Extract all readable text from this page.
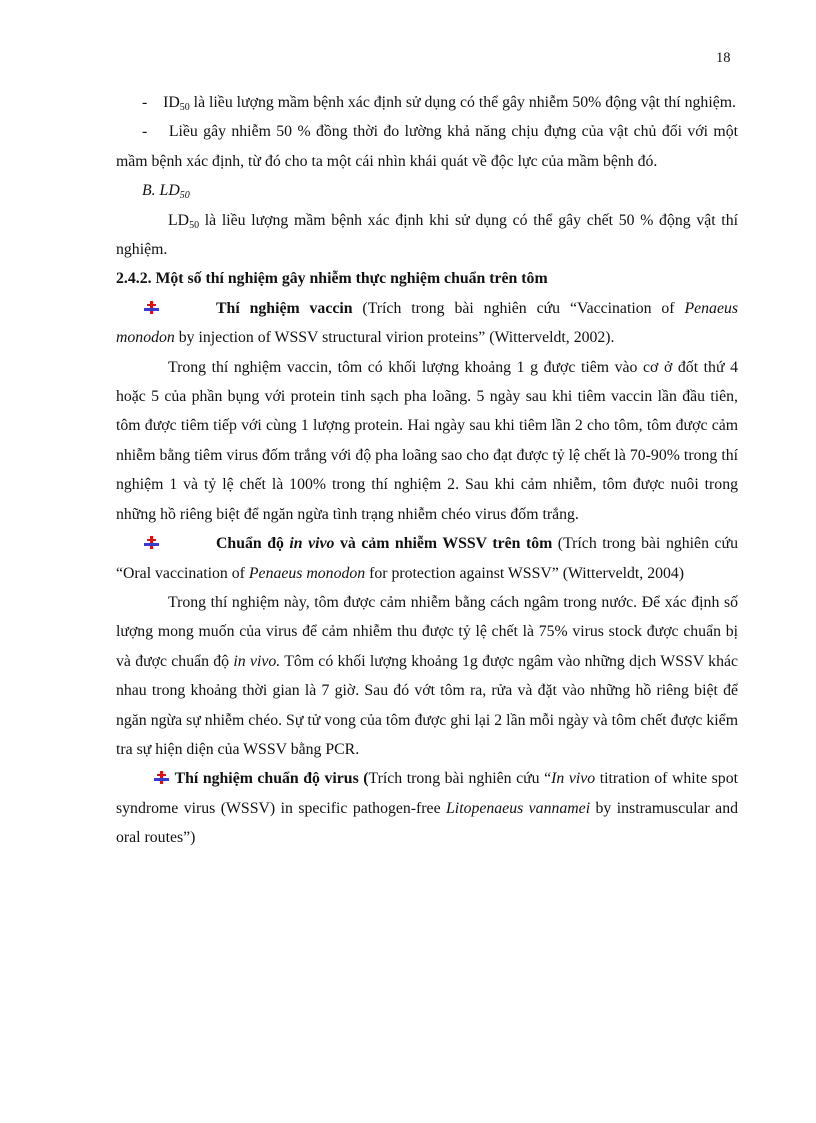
18

- $ID_{50}$ là liều lượng mầm bệnh xác định sử dụng có thể gây nhiễm 50% động vật thí nghiệm.

- Liều gây nhiễm 50 % đồng thời đo lường khả năng chịu đựng của vật chủ đối với một mầm bệnh xác định, từ đó cho ta một cái nhìn khái quát về độc lực của mầm bệnh đó.

B. $LD_{50}$

$LD_{50}$ là liều lượng mầm bệnh xác định khi sử dụng có thể gây chết 50 % động vật thí nghiệm.

2.4.2. Một số thí nghiệm gây nhiễm thực nghiệm chuẩn trên tôm

Thí nghiệm vaccin (Trích trong bài nghiên cứu “Vaccination of Penaeus monodon by injection of WSSV structural virion proteins” (Witterveldt, 2002).

Trong thí nghiệm vaccin, tôm có khối lượng khoảng 1 g được tiêm vào cơ ở đốt thứ 4 hoặc 5 của phần bụng với protein tinh sạch pha loãng. 5 ngày sau khi tiêm vaccin lần đầu tiên, tôm được tiêm tiếp với cùng 1 lượng protein. Hai ngày sau khi tiêm lần 2 cho tôm, tôm được cảm nhiễm bằng tiêm virus đốm trắng với độ pha loãng sao cho đạt được tỷ lệ chết là 70-90% trong thí nghiệm 1 và tỷ lệ chết là 100% trong thí nghiệm 2. Sau khi cảm nhiễm, tôm được nuôi trong những hồ riêng biệt để ngăn ngừa tình trạng nhiễm chéo virus đốm trắng.

Chuẩn độ in vivo và cảm nhiễm WSSV trên tôm (Trích trong bài nghiên cứu “Oral vaccination of Penaeus monodon for protection against WSSV” (Witterveldt, 2004)

Trong thí nghiệm này, tôm được cảm nhiễm bằng cách ngâm trong nước. Để xác định số lượng mong muốn của virus để cảm nhiễm thu được tỷ lệ chết là 75% virus stock được chuẩn bị và được chuẩn độ in vivo. Tôm có khối lượng khoảng 1g được ngâm vào những dịch WSSV khác nhau trong khoảng thời gian là 7 giờ. Sau đó vớt tôm ra, rửa và đặt vào những hồ riêng biệt để ngăn ngừa sự nhiễm chéo. Sự tử vong của tôm được ghi lại 2 lần mỗi ngày và tôm chết được kiểm tra sự hiện diện của WSSV bằng PCR.

Thí nghiệm chuẩn độ virus (Trích trong bài nghiên cứu “In vivo titration of white spot syndrome virus (WSSV) in specific pathogen-free Litopenaeus vannamei by instramuscular and oral routes”)
